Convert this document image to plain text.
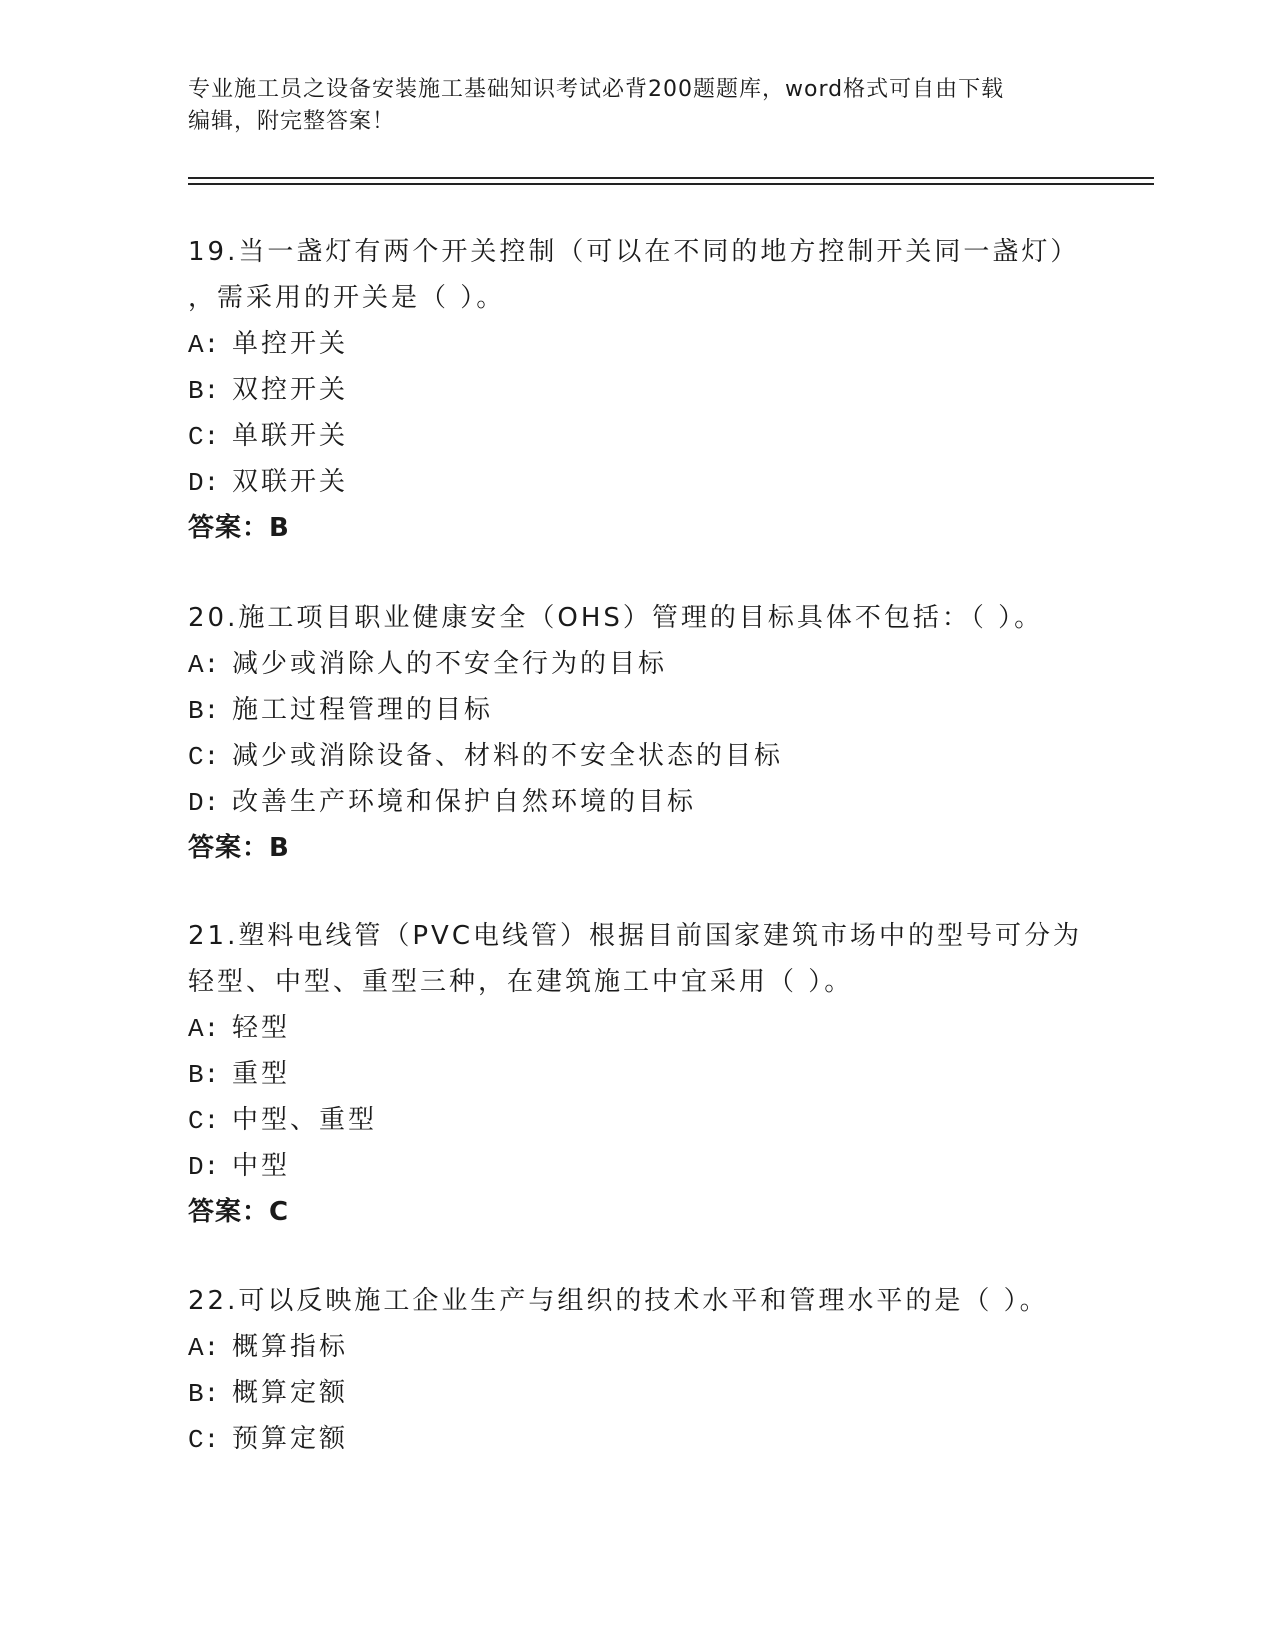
专业施工员之设备安装施工基础知识考试必背200题题库，word格式可自由下载
编辑，附完整答案！
19.当一盏灯有两个开关控制（可以在不同的地方控制开关同一盏灯）
，需采用的开关是（ ）。
A: 单控开关
B: 双控开关
C: 单联开关
D: 双联开关
答案：B
20.施工项目职业健康安全（OHS）管理的目标具体不包括：（ ）。
A: 减少或消除人的不安全行为的目标
B: 施工过程管理的目标
C: 减少或消除设备、材料的不安全状态的目标
D: 改善生产环境和保护自然环境的目标
答案：B
21.塑料电线管（PVC电线管）根据目前国家建筑市场中的型号可分为
轻型、中型、重型三种，在建筑施工中宜采用（ ）。
A: 轻型
B: 重型
C: 中型、重型
D: 中型
答案：C
22.可以反映施工企业生产与组织的技术水平和管理水平的是（ ）。
A: 概算指标
B: 概算定额
C: 预算定额
